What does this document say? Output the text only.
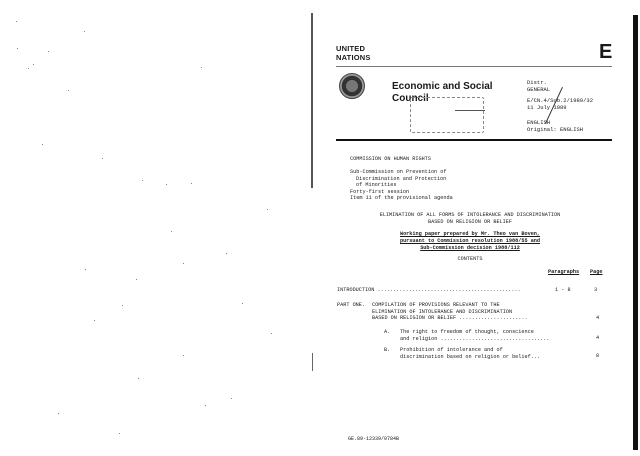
UNITED
NATIONS	E
Economic and Social
Council
Distr.
GENERAL
E/CN.4/Sub.2/1989/32
11 July 1989
ENGLISH
Original: ENGLISH
COMMISSION ON HUMAN RIGHTS
Sub-Commission on Prevention of
Discrimination and Protection
of Minorities
Forty-first session
Item 11 of the provisional agenda
ELIMINATION OF ALL FORMS OF INTOLERANCE AND DISCRIMINATION
BASED ON RELIGION OR BELIEF
Working paper prepared by Mr. Theo van Boven,
pursuant to Commission resolution 1988/55 and
Sub-Commission decision 1988/112
CONTENTS
Paragraphs Page
INTRODUCTION ..............................................	1 - 8	3
PART ONE. COMPILATION OF PROVISIONS RELEVANT TO THE
ELIMINATION OF INTOLERANCE AND DISCRIMINATION
BASED ON RELIGION OR BELIEF ......................	4
A. The right to freedom of thought, conscience
and religion ...................................	4
B. Prohibition of intolerance and of
discrimination based on religion or belief...	8
GE.89-12339/0784B
